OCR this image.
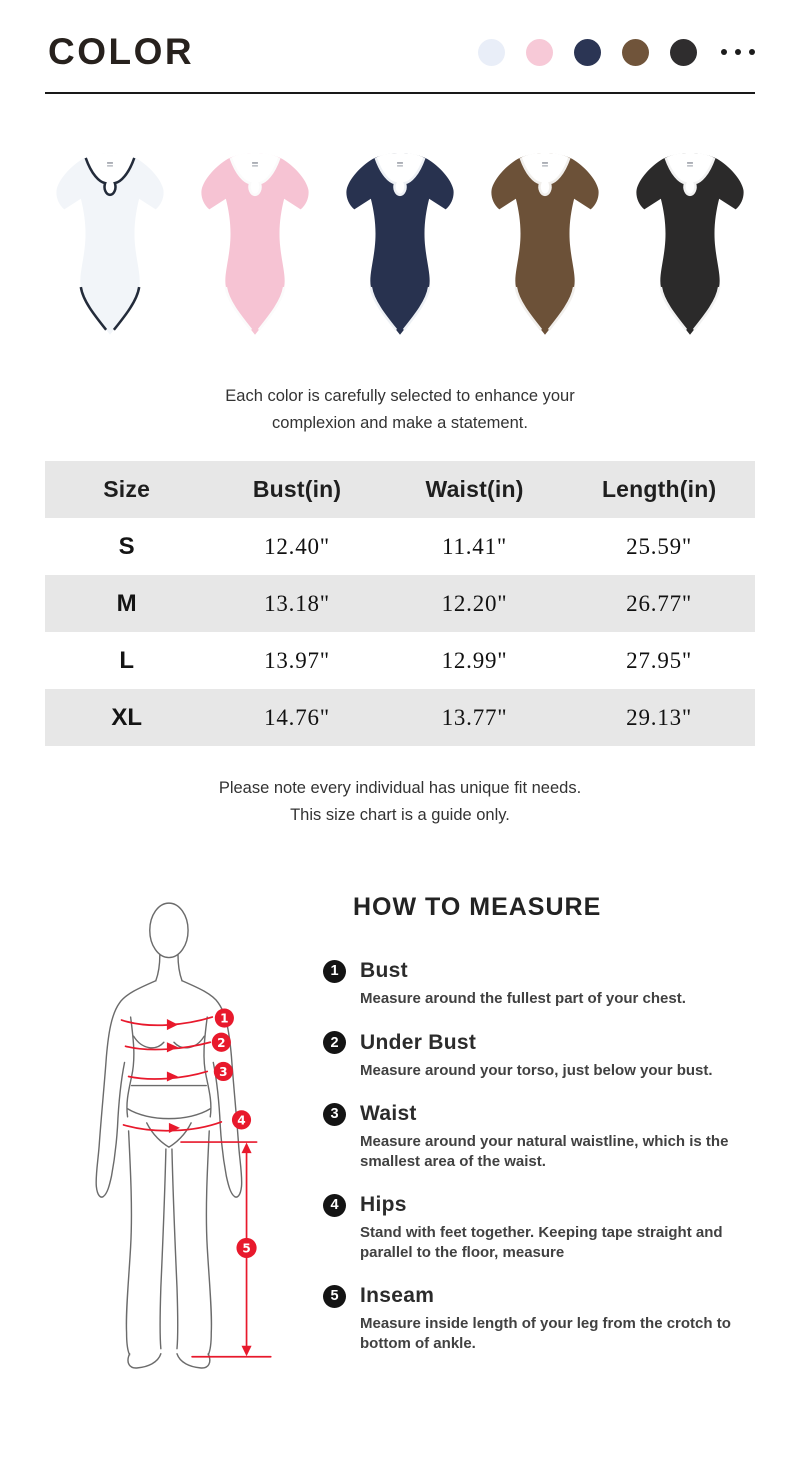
COLOR
Each color is carefully selected to enhance your
complexion and make a statement.
Size	Bust(in)	Waist(in)	Length(in)
S	12.40"	11.41"	25.59"
M	13.18"	12.20"	26.77"
L	13.97"	12.99"	27.95"
XL	14.76"	13.77"	29.13"
Please note every individual has unique fit needs.
This size chart is a guide only.
1
2
3
4
5
HOW TO MEASURE
1	Bust
Measure around the fullest part of your chest.
2	Under Bust
Measure around your torso, just below your bust.
3	Waist
Measure around your natural waistline, which is the smallest area of the waist.
4	Hips
Stand with feet together. Keeping tape straight and parallel to the floor, measure
5	Inseam
Measure inside length of your leg from the crotch to bottom of ankle.
